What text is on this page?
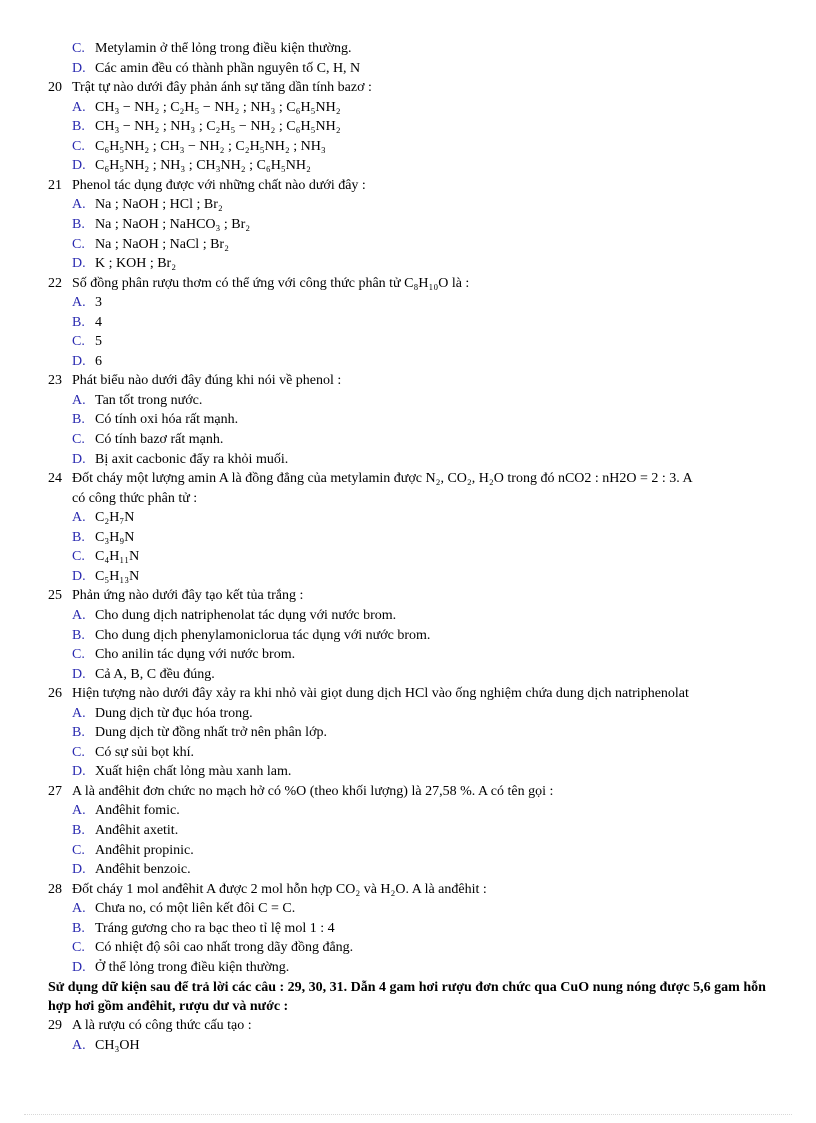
C. Metylamin ở thể lỏng trong điều kiện thường.
D. Các amin đều có thành phần nguyên tố C, H, N
20 Trật tự nào dưới đây phản ánh sự tăng dần tính bazơ :
A. CH₃ − NH₂ ; C₂H₅ − NH₂ ; NH₃ ; C₆H₅NH₂
B. CH₃ − NH₂ ; NH₃ ; C₂H₅ − NH₂ ; C₆H₅NH₂
C. C₆H₅NH₂ ; CH₃ − NH₂ ; C₂H₅NH₂ ; NH₃
D. C₆H₅NH₂ ; NH₃ ; CH₃NH₂ ; C₆H₅NH₂
21 Phenol tác dụng được với những chất nào dưới đây :
A. Na ; NaOH ; HCl ; Br₂
B. Na ; NaOH ; NaHCO₃ ; Br₂
C. Na ; NaOH ; NaCl ; Br₂
D. K ; KOH ; Br₂
22 Số đồng phân rượu thơm có thể ứng với công thức phân tử C₈H₁₀O là :
A. 3
B. 4
C. 5
D. 6
23 Phát biểu nào dưới đây đúng khi nói về phenol :
A. Tan tốt trong nước.
B. Có tính oxi hóa rất mạnh.
C. Có tính bazơ rất mạnh.
D. Bị axit cacbonic đẩy ra khỏi muối.
24 Đốt cháy một lượng amin A là đồng đẳng của metylamin được N₂, CO₂, H₂O trong đó nCO2 : nH2O = 2 : 3. A
có công thức phân tử :
A. C₂H₇N
B. C₃H₉N
C. C₄H₁₁N
D. C₅H₁₃N
25 Phản ứng nào dưới đây tạo kết tủa trắng :
A. Cho dung dịch natriphenolat tác dụng với nước brom.
B. Cho dung dịch phenylamoniclorua tác dụng với nước brom.
C. Cho anilin tác dụng với nước brom.
D. Cả A, B, C đều đúng.
26 Hiện tượng nào dưới đây xảy ra khi nhỏ vài giọt dung dịch HCl vào ống nghiệm chứa dung dịch natriphenolat
A. Dung dịch từ đục hóa trong.
B. Dung dịch từ đồng nhất trở nên phân lớp.
C. Có sự sủi bọt khí.
D. Xuất hiện chất lỏng màu xanh lam.
27 A là anđêhit đơn chức no mạch hở có %O (theo khối lượng) là 27,58 %. A có tên gọi :
A. Anđêhit fomic.
B. Anđêhit axetit.
C. Anđêhit propinic.
D. Anđêhit benzoic.
28 Đốt cháy 1 mol anđêhit A được 2 mol hỗn hợp CO₂ và H₂O. A là anđêhit :
A. Chưa no, có một liên kết đôi C = C.
B. Tráng gương cho ra bạc theo tỉ lệ mol 1 : 4
C. Có nhiệt độ sôi cao nhất trong dãy đồng đẳng.
D. Ở thể lỏng trong điều kiện thường.
Sử dụng dữ kiện sau để trả lời các câu : 29, 30, 31. Dẫn 4 gam hơi rượu đơn chức qua CuO nung nóng được 5,6 gam hỗn hợp hơi gồm anđêhit, rượu dư và nước :
29 A là rượu có công thức cấu tạo :
A. CH₃OH
